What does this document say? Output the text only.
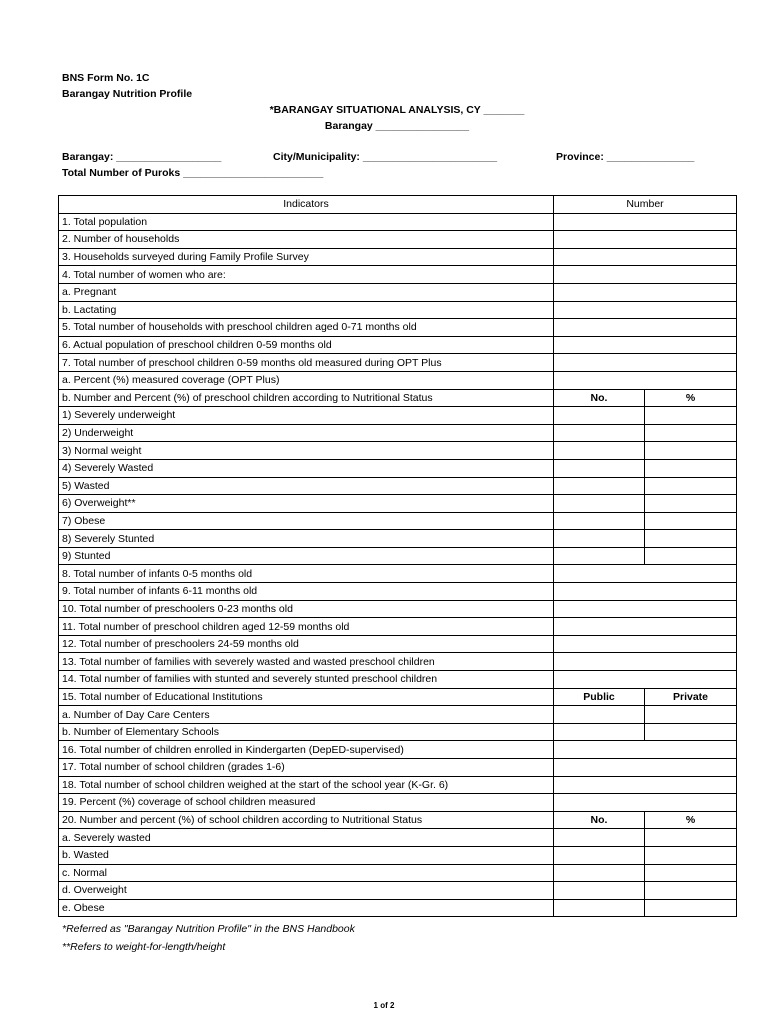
BNS Form No. 1C
Barangay Nutrition Profile
*BARANGAY SITUATIONAL ANALYSIS, CY _______
Barangay ________________
Barangay: __________________	City/Municipality: _______________________	Province: _______________
Total Number of Puroks ________________________
Indicators	Number	
1. Total population		
2. Number of households		
3. Households surveyed during Family Profile Survey		
4. Total number of women who are:		
a. Pregnant		
b. Lactating		
5. Total number of households with preschool children aged 0-71 months old		
6. Actual population of preschool children 0-59 months old		
7. Total number of preschool children 0-59 months old measured during OPT Plus		
a. Percent (%) measured coverage (OPT Plus)		
b. Number and Percent (%) of preschool children according to Nutritional Status	No.	%
1) Severely underweight		
2) Underweight		
3) Normal weight		
4) Severely Wasted		
5) Wasted		
6) Overweight**		
7) Obese		
8) Severely Stunted		
9) Stunted		
8. Total number of infants 0-5 months old		
9. Total number of infants 6-11 months old		
10. Total number of preschoolers 0-23 months old		
11. Total number of preschool children aged 12-59 months old		
12. Total number of preschoolers 24-59 months old		
13. Total number of families with severely wasted and wasted preschool children		
14. Total number of families with stunted and severely stunted preschool children		
15. Total number of Educational Institutions	Public	Private
a. Number of Day Care Centers		
b. Number of Elementary Schools		
16. Total number of children enrolled in Kindergarten (DepED-supervised)		
17. Total number of school children (grades 1-6)		
18. Total number of school children weighed at the start of the school year (K-Gr. 6)		
19. Percent (%) coverage of school children measured		
20. Number and percent (%) of school children according to Nutritional Status	No.	%
a. Severely wasted		
b. Wasted		
c. Normal		
d. Overweight		
e. Obese		
*Referred as "Barangay Nutrition Profile" in the BNS Handbook
**Refers to weight-for-length/height
1 of 2
